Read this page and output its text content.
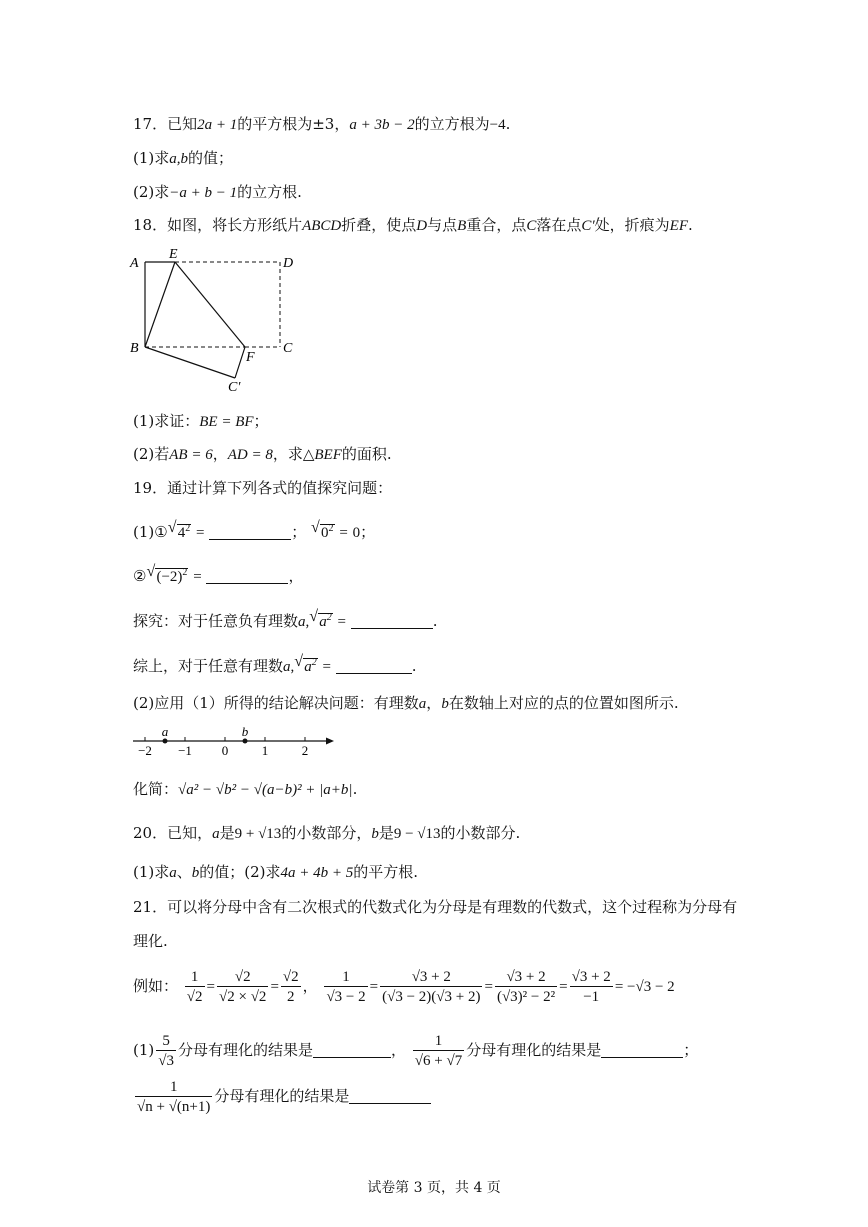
17．已知2a + 1的平方根为±3，a + 3b − 2的立方根为−4.
(1)求a,b的值；
(2)求−a + b − 1的立方根.
18．如图，将长方形纸片ABCD折叠，使点D与点B重合，点C落在点C′处，折痕为EF.
A
E
D
B
F
C
C′
(1)求证：BE = BF；
(2)若AB = 6，AD = 8，求△BEF的面积.
19．通过计算下列各式的值探究问题：
(1)① √ $4^2$ =	； √ $0^2 = 0$；
② √ $(-2)^2$ =	，
探究：对于任意负有理数a, √ $a^2$ =	.
综上，对于任意有理数a, √ $a^2$ =	.
(2)应用（1）所得的结论解决问题：有理数a，b在数轴上对应的点的位置如图所示.
−2 −1 0	1	2
a	b
化简：√a² − √b² − √(a−b)² + |a+b|.
20．已知，a是9 + √13的小数部分，b是9 − √13的小数部分.
(1)求a、b的值；(2)求4a + 4b + 5的平方根.
21．可以将分母中含有二次根式的代数式化为分母是有理数的代数式，这个过程称为分母有
理化.
例如： $\frac{1}{√2} = \frac{√2}{√2 \times √2} = \frac{√2}{2}$ ， $\frac{1}{√3 - 2} = \frac{√3 + 2}{(√3 - 2)(√3 + 2)} = \frac{√3 + 2}{\text{(√3)² − 2²}} = \frac{√3 + 2}{-1} = -√3 - 2$
$(1) \frac{5}{√3}$ 分母有理化的结果是	， $\frac{1}{√6 + √7}$ 分母有理化的结果是	；
$\frac{1}{√n + √(n+1)}$ 分母有理化的结果是
试卷第 3 页，共 4 页
